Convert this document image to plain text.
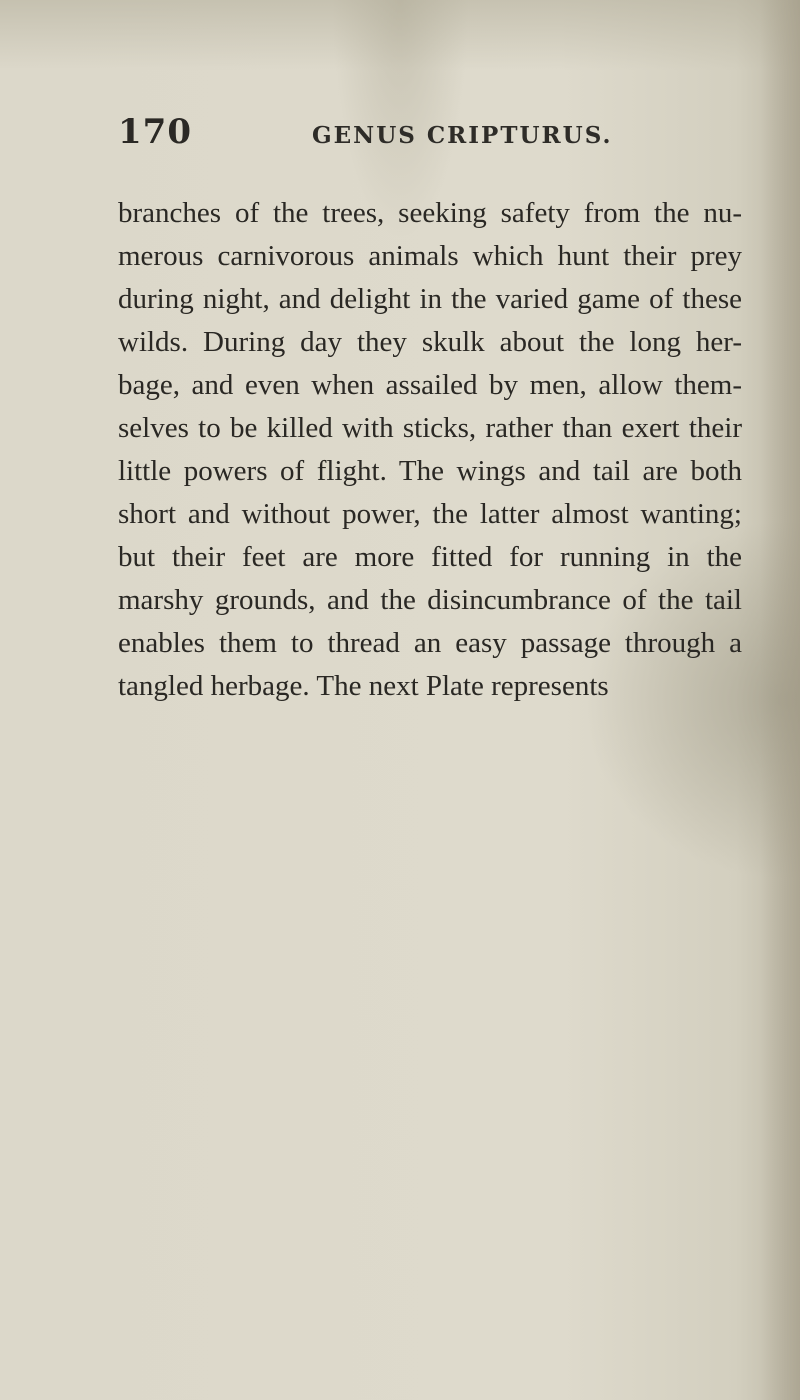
170	GENUS CRIPTURUS.
branches of the trees, seeking safety from the nu-
merous carnivorous animals which hunt their prey
during night, and delight in the varied game of these
wilds. During day they skulk about the long her-
bage, and even when assailed by men, allow them-
selves to be killed with sticks, rather than exert their
little powers of flight. The wings and tail are both
short and without power, the latter almost wanting;
but their feet are more fitted for running in the
marshy grounds, and the disincumbrance of the tail
enables them to thread an easy passage through a
tangled herbage. The next Plate represents
